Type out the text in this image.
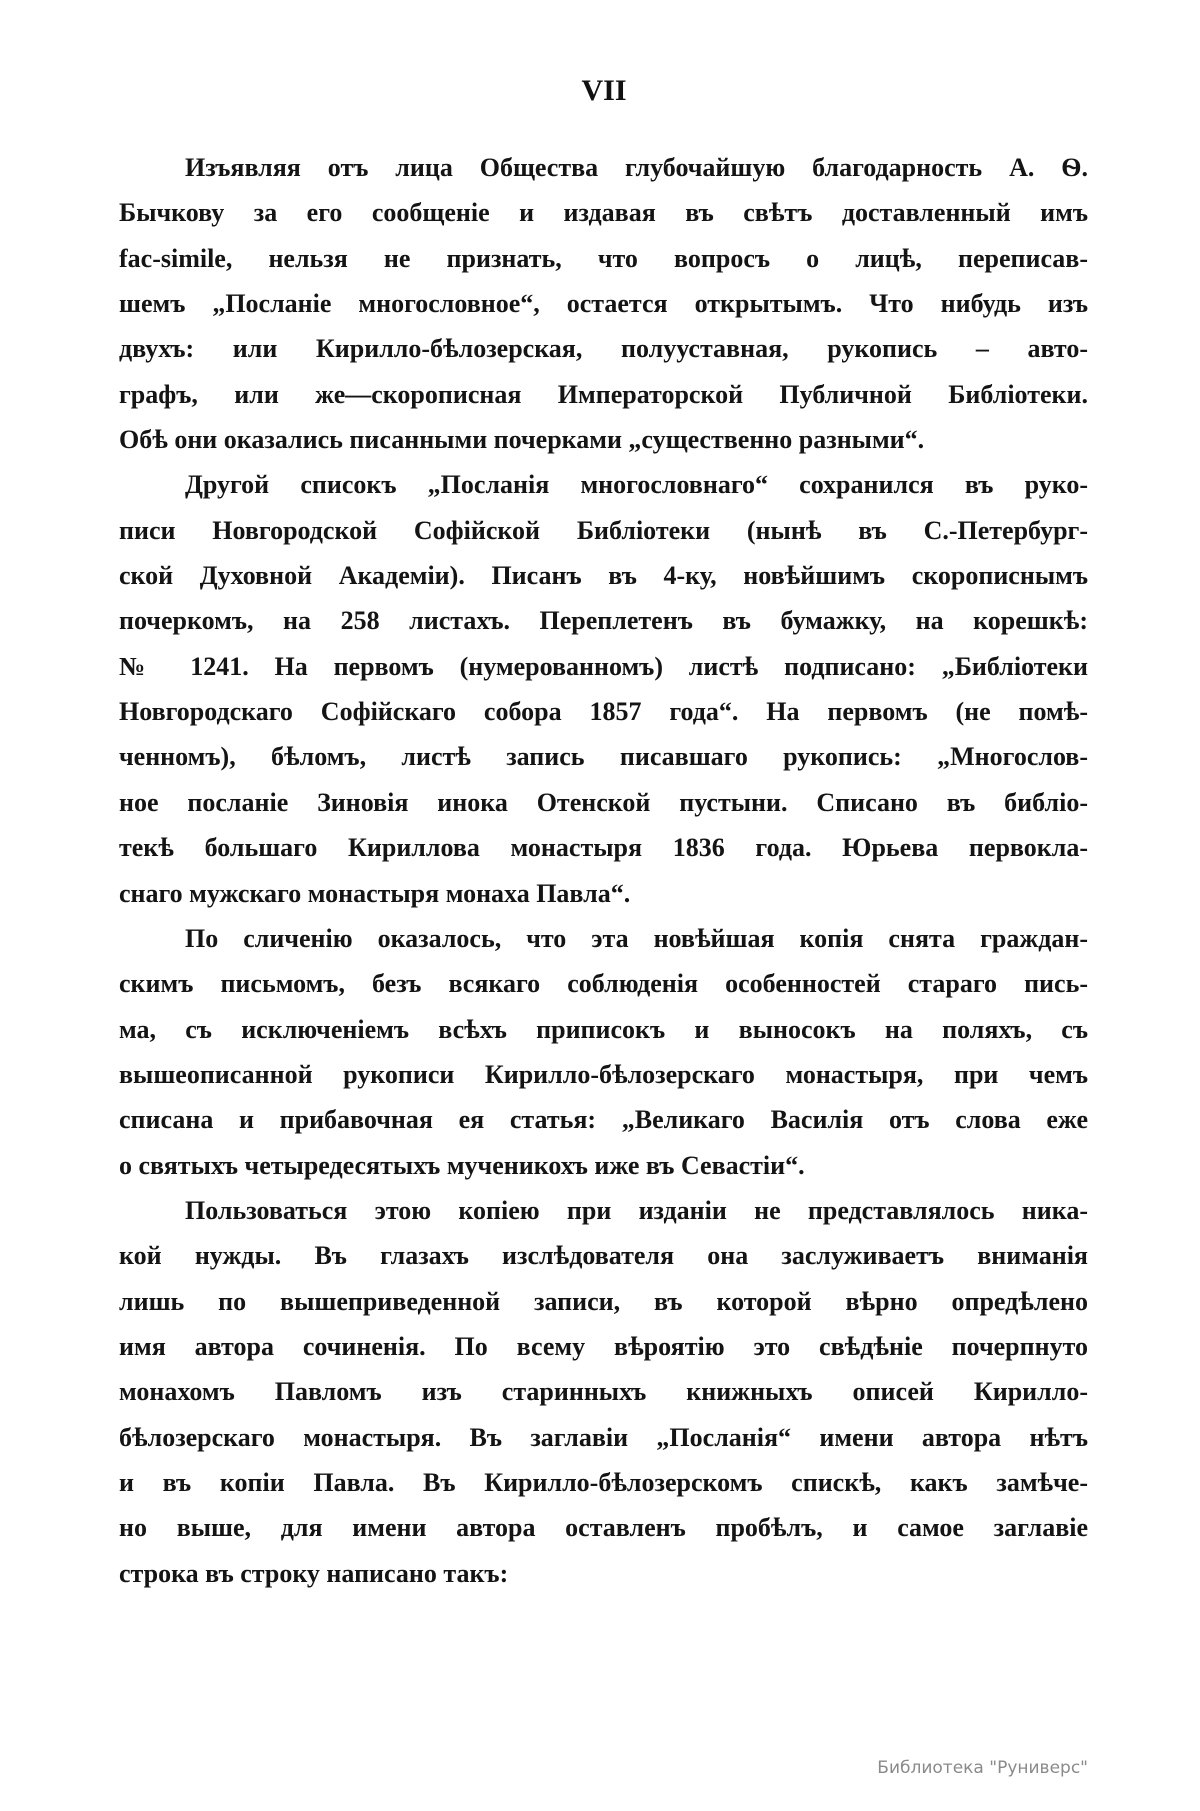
VII
Изъявляя отъ лица Общества глубочайшую благодарность А. Ѳ.
Бычкову за его сообщеніе и издавая въ свѣтъ доставленный имъ
fac-simile, нельзя не признать, что вопросъ о лицѣ, переписав-
шемъ „Посланіе многословное“, остается открытымъ. Что нибудь изъ
двухъ: или Кирилло-бѣлозерская, полууставная, рукопись – авто-
графъ, или же—скорописная Императорской Публичной Библіотеки.
Обѣ они оказались писанными почерками „существенно разными“.
Другой списокъ „Посланія многословнаго“ сохранился въ руко-
писи Новгородской Софійской Библіотеки (нынѣ въ С.-Петербург-
ской Духовной Академіи). Писанъ въ 4-ку, новѣйшимъ скорописнымъ
почеркомъ, на 258 листахъ. Переплетенъ въ бумажку, на корешкѣ:
№ 1241. На первомъ (нумерованномъ) листѣ подписано: „Библіотеки
Новгородскаго Софійскаго собора 1857 года“. На первомъ (не помѣ-
ченномъ), бѣломъ, листѣ запись писавшаго рукопись: „Многослов-
ное посланіе Зиновія инока Отенской пустыни. Списано въ библіо-
текѣ большаго Кириллова монастыря 1836 года. Юрьева первокла-
снаго мужскаго монастыря монаха Павла“.
По сличенію оказалось, что эта новѣйшая копія снята граждан-
скимъ письмомъ, безъ всякаго соблюденія особенностей стараго пись-
ма, съ исключеніемъ всѣхъ приписокъ и выносокъ на поляхъ, съ
вышеописанной рукописи Кирилло-бѣлозерскаго монастыря, при чемъ
списана и прибавочная ея статья: „Великаго Василія отъ слова еже
о святыхъ четыредесятыхъ мученикохъ иже въ Севастіи“.
Пользоваться этою копіею при изданіи не представлялось ника-
кой нужды. Въ глазахъ изслѣдователя она заслуживаетъ вниманія
лишь по вышеприведенной записи, въ которой вѣрно опредѣлено
имя автора сочиненія. По всему вѣроятію это свѣдѣніе почерпнуто
монахомъ Павломъ изъ старинныхъ книжныхъ описей Кирилло-
бѣлозерскаго монастыря. Въ заглавіи „Посланія“ имени автора нѣтъ
и въ копіи Павла. Въ Кирилло-бѣлозерскомъ спискѣ, какъ замѣче-
но выше, для имени автора оставленъ пробѣлъ, и самое заглавіе
строка въ строку написано такъ:
Библиотека "Руниверс"
